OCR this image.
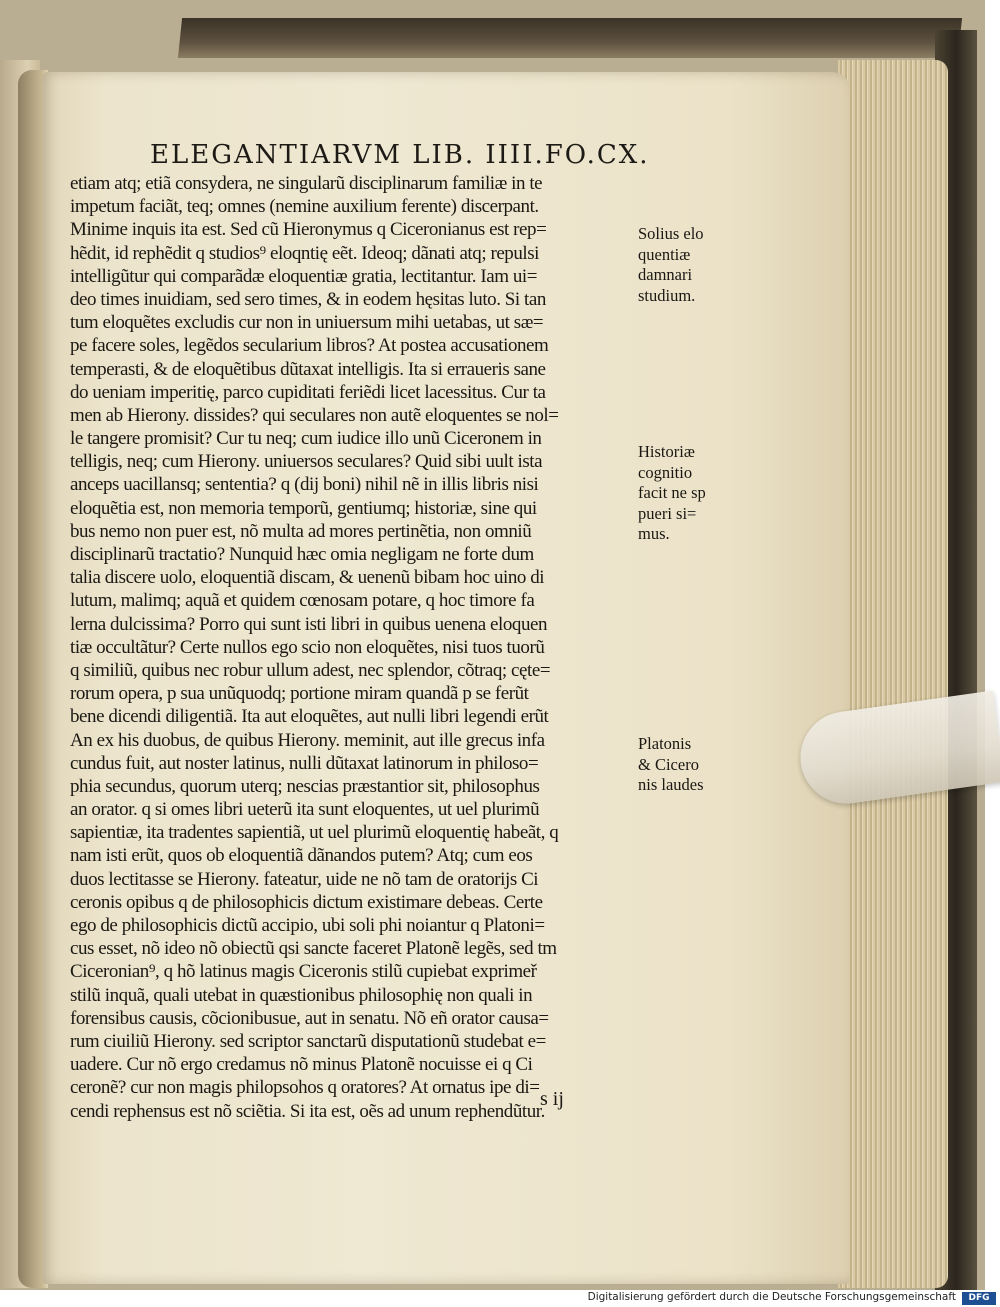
ELEGANTIARVM LIB. IIII. FO.CX.
etiam atq; etiã consydera, ne singularũ disciplinarum familiæ in te
impetum faciãt, teq; omnes (nemine auxilium ferente) discerpant.
Minime inquis ita est. Sed cũ Hieronymus q Ciceronianus est rep=
hẽdit, id rephẽdit q studios⁹ eloqntię eẽt. Ideoq; dãnati atq; repulsi
intelligũtur qui comparãdæ eloquentiæ gratia, lectitantur. Iam ui=
deo times inuidiam, sed sero times, & in eodem hęsitas luto. Si tan
tum eloquẽtes excludis cur non in uniuersum mihi uetabas, ut sæ=
pe facere soles, legẽdos secularium libros? At postea accusationem
temperasti, & de eloquẽtibus dũtaxat intelligis. Ita si erraueris sane
do ueniam imperitię, parco cupiditati feriẽdi licet lacessitus. Cur ta
men ab Hierony. dissides? qui seculares non autẽ eloquentes se nol=
le tangere promisit? Cur tu neq; cum iudice illo unũ Ciceronem in
telligis, neq; cum Hierony. uniuersos seculares? Quid sibi uult ista
anceps uacillansq; sententia? q (dij boni) nihil nẽ in illis libris nisi
eloquẽtia est, non memoria temporũ, gentiumq; historiæ, sine qui
bus nemo non puer est, nõ multa ad mores pertinẽtia, non omniũ
disciplinarũ tractatio? Nunquid hæc omia negligam ne forte dum
talia discere uolo, eloquentiã discam, & uenenũ bibam hoc uino di
lutum, malimq; aquã et quidem cœnosam potare, q hoc timore fa
lerna dulcissima? Porro qui sunt isti libri in quibus uenena eloquen
tiæ occultãtur? Certe nullos ego scio non eloquẽtes, nisi tuos tuorũ
q similiũ, quibus nec robur ullum adest, nec splendor, cõtraq; cęte=
rorum opera, p sua unũquodq; portione miram quandã p se ferũt
bene dicendi diligentiã. Ita aut eloquẽtes, aut nulli libri legendi erũt
An ex his duobus, de quibus Hierony. meminit, aut ille grecus infa
cundus fuit, aut noster latinus, nulli dũtaxat latinorum in philoso=
phia secundus, quorum uterq; nescias præstantior sit, philosophus
an orator. q si omes libri ueterũ ita sunt eloquentes, ut uel plurimũ
sapientiæ, ita tradentes sapientiã, ut uel plurimũ eloquentię habeãt, q
nam isti erũt, quos ob eloquentiã dãnandos putem? Atq; cum eos
duos lectitasse se Hierony. fateatur, uide ne nõ tam de oratorijs Ci
ceronis opibus q de philosophicis dictum existimare debeas. Certe
ego de philosophicis dictũ accipio, ubi soli phi noiantur q Platoni=
cus esset, nõ ideo nõ obiectũ qsi sancte faceret Platonẽ legẽs, sed tm
Ciceronian⁹, q hõ latinus magis Ciceronis stilũ cupiebat exprimeř
stilũ inquã, quali utebat in quæstionibus philosophię non quali in
forensibus causis, cõcionibusue, aut in senatu. Nõ eñ orator causa=
rum ciuiliũ Hierony. sed scriptor sanctarũ disputationũ studebat e=
uadere. Cur nõ ergo credamus nõ minus Platonẽ nocuisse ei q Ci
ceronẽ? cur non magis philopsohos q oratores? At ornatus ipe di=
cendi rephensus est nõ sciẽtia. Si ita est, oẽs ad unum rephendũtur.
Solius elo
quentiæ
damnari
studium.
Historiæ
cognitio
facit ne sp
pueri si=
mus.
Platonis
& Cicero
nis laudes
s ij
Digitalisierung gefördert durch die Deutsche Forschungsgemeinschaft	DFG
